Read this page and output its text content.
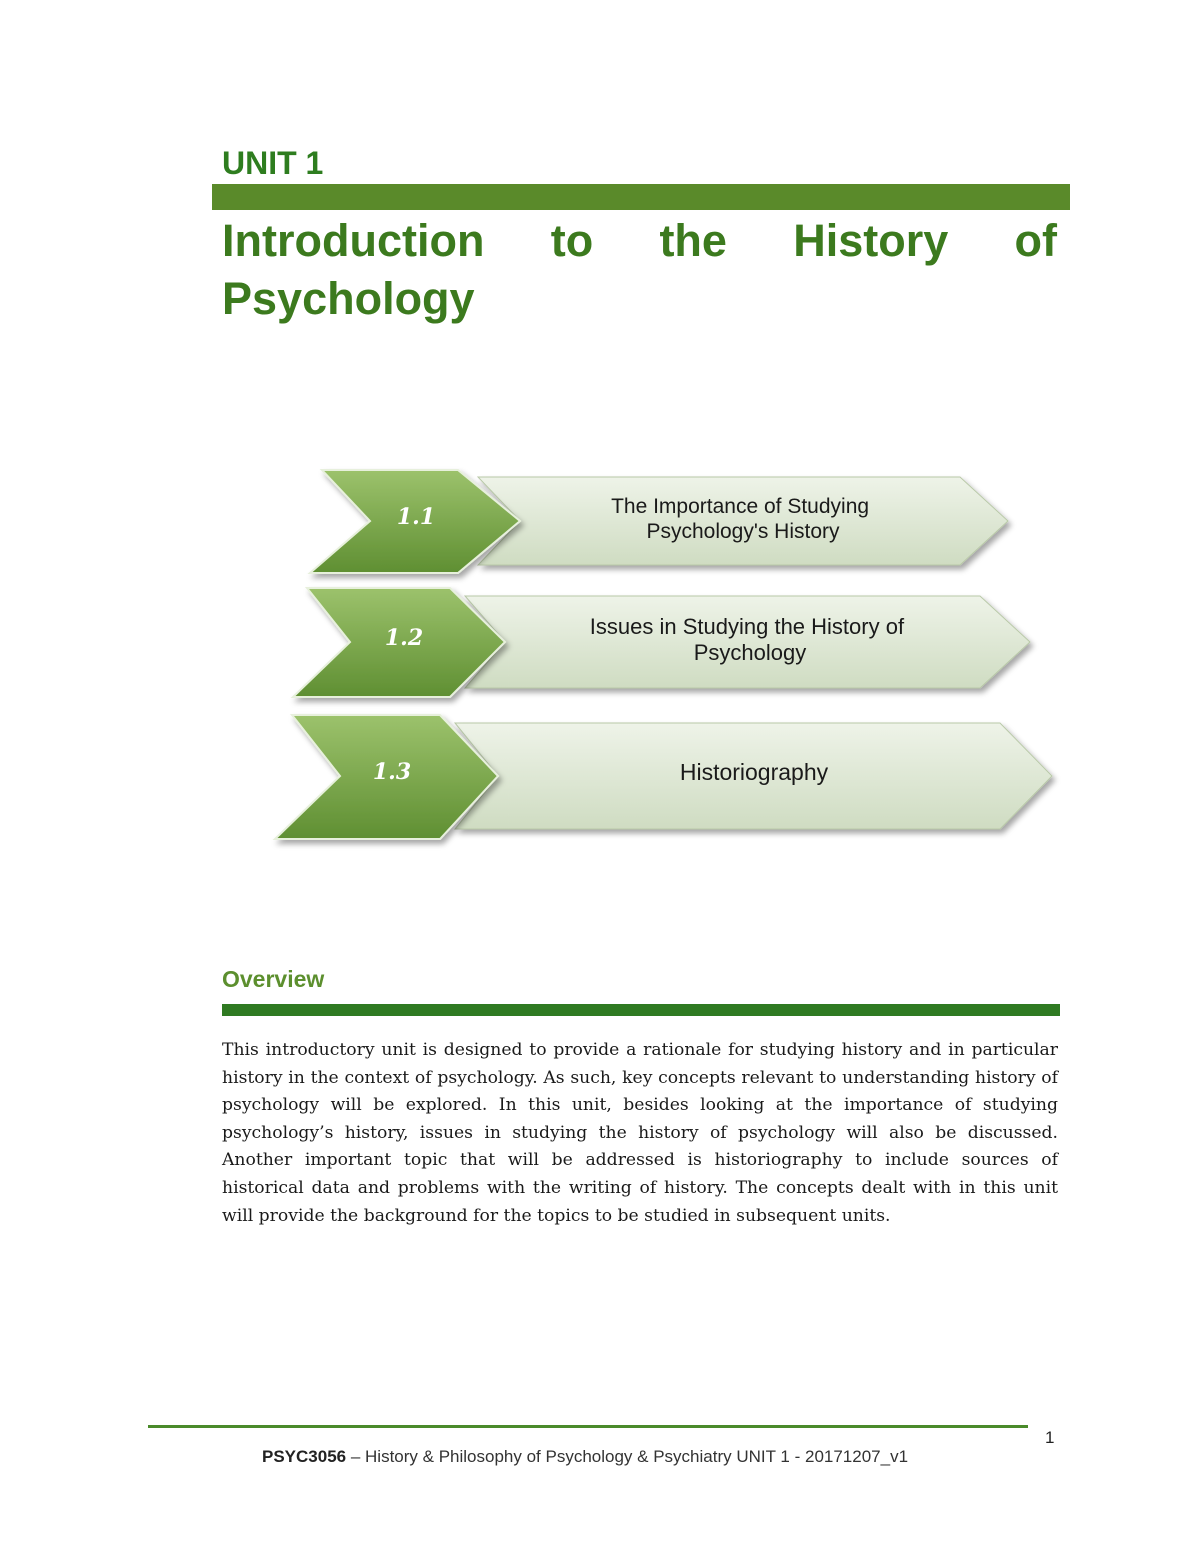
UNIT 1
Introduction to the History of Psychology
1.1	The Importance of Studying Psychology's History
1.2	Issues in Studying the History of Psychology
1.3	Historiography
Overview

This introductory unit is designed to provide a rationale for studying history and in particular history in the context of psychology. As such, key concepts relevant to understanding history of psychology will be explored. In this unit, besides looking at the importance of studying psychology’s history, issues in studying the history of psychology will also be discussed. Another important topic that will be addressed is historiography to include sources of historical data and problems with the writing of history. The concepts dealt with in this unit will provide the background for the topics to be studied in subsequent units.

1
PSYC3056 – History & Philosophy of Psychology & Psychiatry UNIT 1 - 20171207_v1
